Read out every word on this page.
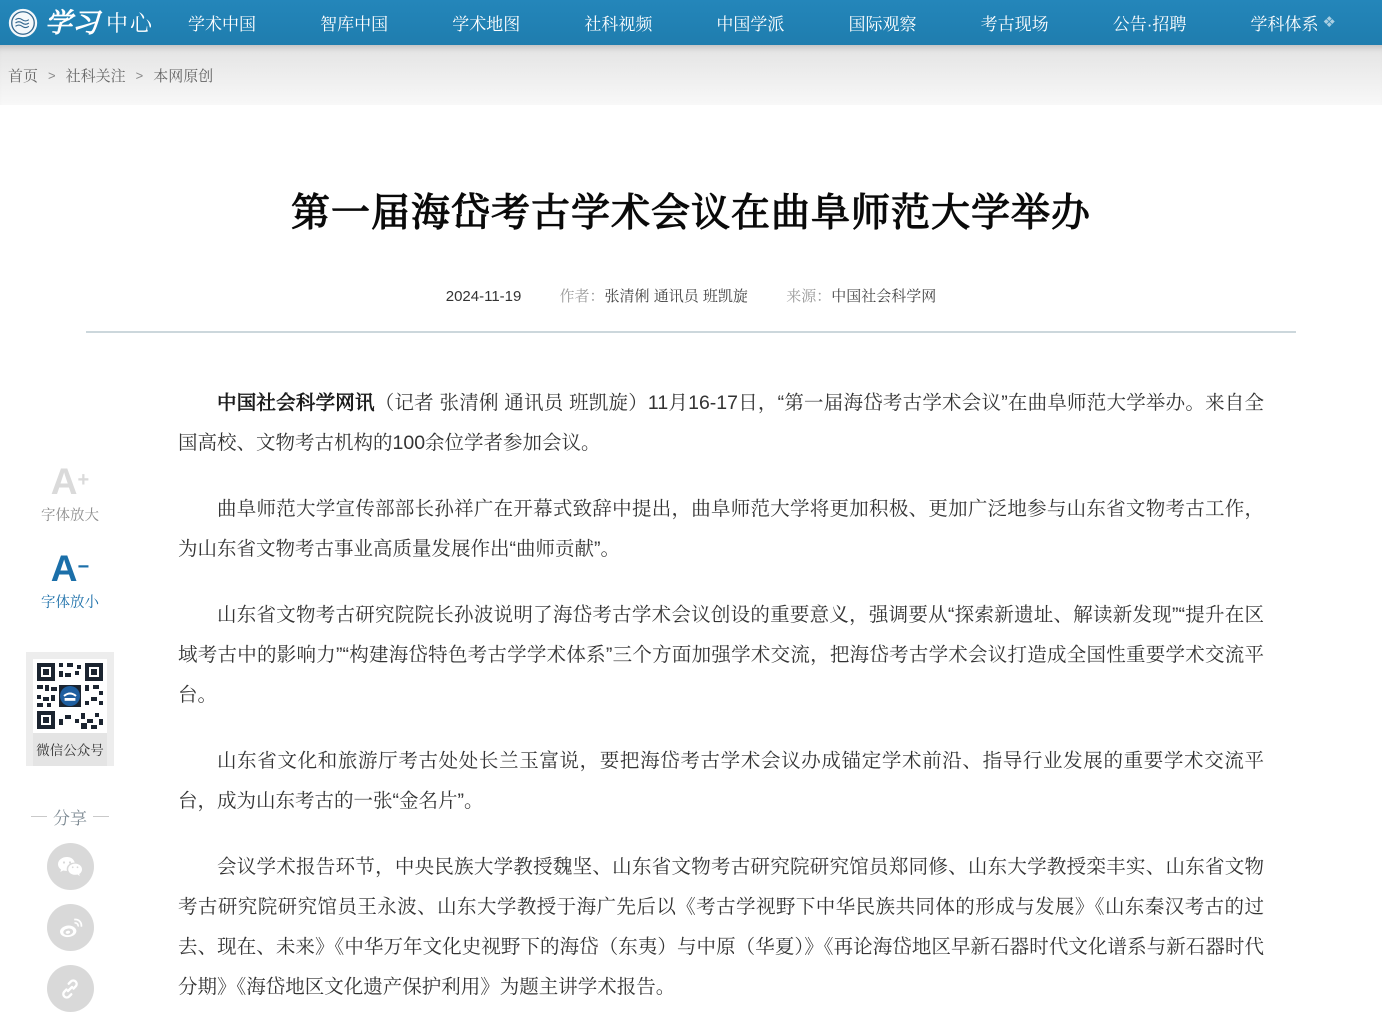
学习 中心 学术中国	智库中国	学术地图	社科视频	中国学派	国际观察	考古现场	公告·招聘	学科体系 ❖
首页 > 社科关注 > 本网原创
第一届海岱考古学术会议在曲阜师范大学举办
2024-11-19	作者：张清俐 通讯员 班凯旋	来源：中国社会科学网

中国社会科学网讯（记者 张清俐 通讯员 班凯旋）11月16-17日，“第一届海岱考古学术会议”在曲阜师范大学举办。来自全国高校、文物考古机构的100余位学者参加会议。

曲阜师范大学宣传部部长孙祥广在开幕式致辞中提出，曲阜师范大学将更加积极、更加广泛地参与山东省文物考古工作，为山东省文物考古事业高质量发展作出“曲师贡献”。

山东省文物考古研究院院长孙波说明了海岱考古学术会议创设的重要意义，强调要从“探索新遗址、解读新发现”“提升在区域考古中的影响力”“构建海岱特色考古学学术体系”三个方面加强学术交流，把海岱考古学术会议打造成全国性重要学术交流平台。

山东省文化和旅游厅考古处处长兰玉富说，要把海岱考古学术会议办成锚定学术前沿、指导行业发展的重要学术交流平台，成为山东考古的一张“金名片”。

会议学术报告环节，中央民族大学教授魏坚、山东省文物考古研究院研究馆员郑同修、山东大学教授栾丰实、山东省文物考古研究院研究馆员王永波、山东大学教授于海广先后以《考古学视野下中华民族共同体的形成与发展》《山东秦汉考古的过去、现在、未来》《中华万年文化史视野下的海岱（东夷）与中原（华夏）》《再论海岱地区早新石器时代文化谱系与新石器时代分期》《海岱地区文化遗产保护利用》为题主讲学术报告。

A+
字体放大
A−
字体放小
微信公众号
分享
